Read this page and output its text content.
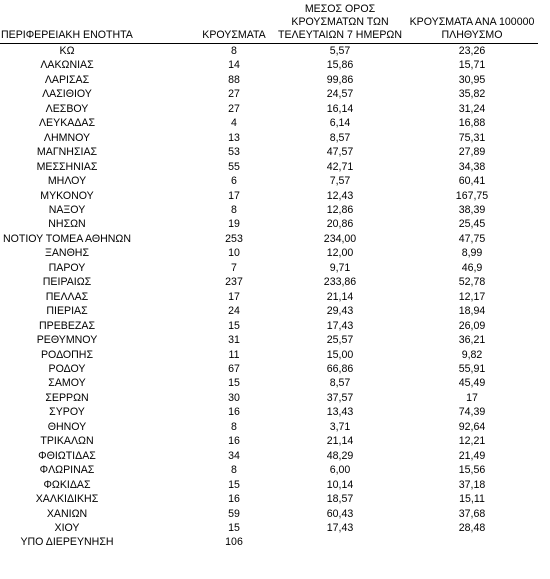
ΠΕΡΙΦΕΡΕΙΑΚΗ ΕΝΟΤΗΤΑ	ΚΡΟΥΣΜΑΤΑ	ΜΕΣΟΣ ΟΡΟΣ
ΚΡΟΥΣΜΑΤΩΝ ΤΩΝ
ΤΕΛΕΥΤΑΙΩΝ 7 ΗΜΕΡΩΝ	ΚΡΟΥΣΜΑΤΑ ΑΝΑ 100000
ΠΛΗΘΥΣΜΟ

ΚΩ	8	5,57	23,26
ΛΑΚΩΝΙΑΣ	14	15,86	15,71
ΛΑΡΙΣΑΣ	88	99,86	30,95
ΛΑΣΙΘΙΟΥ	27	24,57	35,82
ΛΕΣΒΟΥ	27	16,14	31,24
ΛΕΥΚΑΔΑΣ	4	6,14	16,88
ΛΗΜΝΟΥ	13	8,57	75,31
ΜΑΓΝΗΣΙΑΣ	53	47,57	27,89
ΜΕΣΣΗΝΙΑΣ	55	42,71	34,38
ΜΗΛΟΥ	6	7,57	60,41
ΜΥΚΟΝΟΥ	17	12,43	167,75
ΝΑΞΟΥ	8	12,86	38,39
ΝΗΣΩΝ	19	20,86	25,45
ΝΟΤΙΟΥ ΤΟΜΕΑ ΑΘΗΝΩΝ	253	234,00	47,75
ΞΑΝΘΗΣ	10	12,00	8,99
ΠΑΡΟΥ	7	9,71	46,9
ΠΕΙΡΑΙΩΣ	237	233,86	52,78
ΠΕΛΛΑΣ	17	21,14	12,17
ΠΙΕΡΙΑΣ	24	29,43	18,94
ΠΡΕΒΕΖΑΣ	15	17,43	26,09
ΡΕΘΥΜΝΟΥ	31	25,57	36,21
ΡΟΔΟΠΗΣ	11	15,00	9,82
ΡΟΔΟΥ	67	66,86	55,91
ΣΑΜΟΥ	15	8,57	45,49
ΣΕΡΡΩΝ	30	37,57	17
ΣΥΡΟΥ	16	13,43	74,39
ΘΗΝΟΥ	8	3,71	92,64
ΤΡΙΚΑΛΩΝ	16	21,14	12,21
ΦΘΙΩΤΙΔΑΣ	34	48,29	21,49
ΦΛΩΡΙΝΑΣ	8	6,00	15,56
ΦΩΚΙΔΑΣ	15	10,14	37,18
ΧΑΛΚΙΔΙΚΗΣ	16	18,57	15,11
ΧΑΝΙΩΝ	59	60,43	37,68
ΧΙΟΥ	15	17,43	28,48
ΥΠΟ ΔΙΕΡΕΥΝΗΣΗ	106		
